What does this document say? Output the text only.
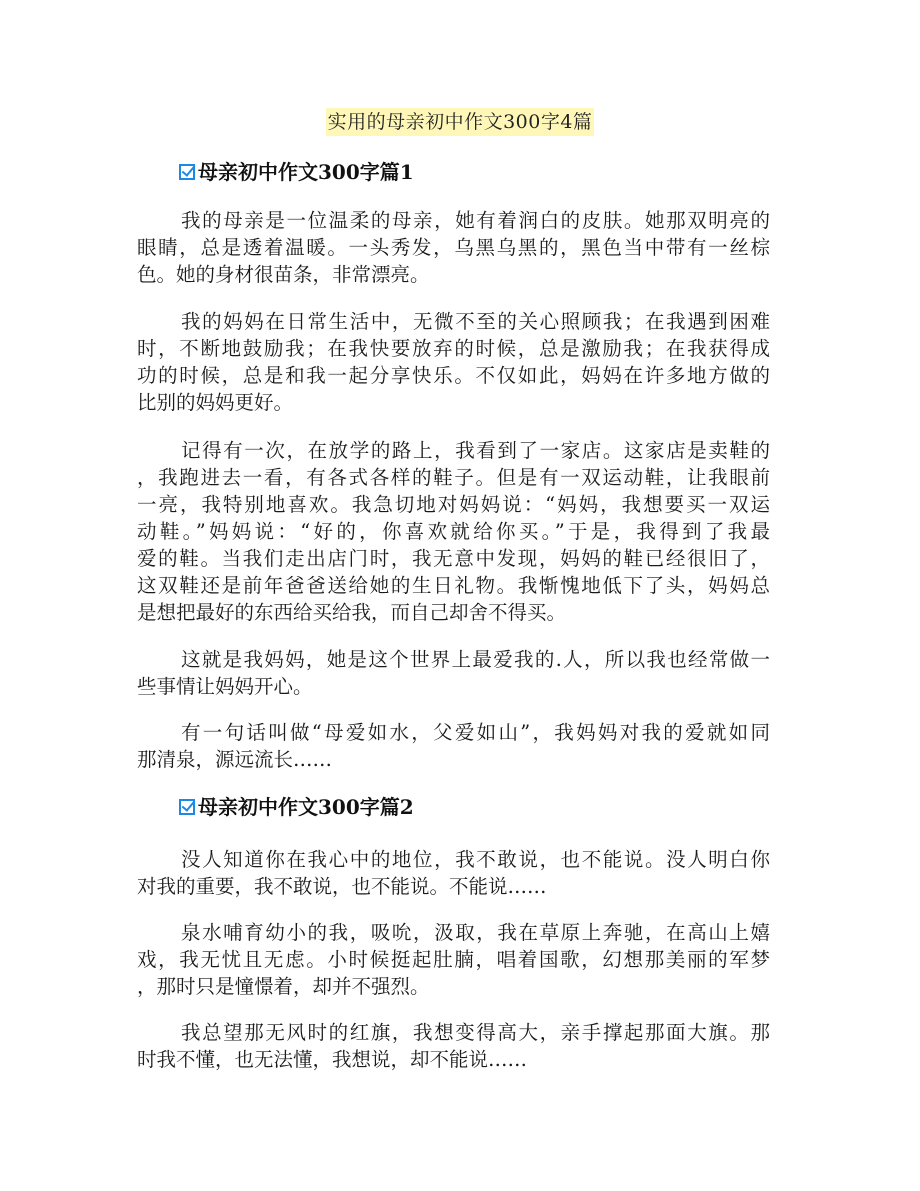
实用的母亲初中作文300字4篇
母亲初中作文300字篇1
我的母亲是一位温柔的母亲，她有着润白的皮肤。她那双明亮的
眼睛，总是透着温暖。一头秀发，乌黑乌黑的，黑色当中带有一丝棕
色。她的身材很苗条，非常漂亮。
我的妈妈在日常生活中，无微不至的关心照顾我；在我遇到困难
时，不断地鼓励我；在我快要放弃的时候，总是激励我；在我获得成
功的时候，总是和我一起分享快乐。不仅如此，妈妈在许多地方做的
比别的妈妈更好。
记得有一次，在放学的路上，我看到了一家店。这家店是卖鞋的
，我跑进去一看，有各式各样的鞋子。但是有一双运动鞋，让我眼前
一亮，我特别地喜欢。我急切地对妈妈说：“妈妈，我想要买一双运
动鞋。”妈妈说：“好的，你喜欢就给你买。”于是，我得到了我最
爱的鞋。当我们走出店门时，我无意中发现，妈妈的鞋已经很旧了，
这双鞋还是前年爸爸送给她的生日礼物。我惭愧地低下了头，妈妈总
是想把最好的东西给买给我，而自己却舍不得买。
这就是我妈妈，她是这个世界上最爱我的.人，所以我也经常做一
些事情让妈妈开心。
有一句话叫做“母爱如水，父爱如山”，我妈妈对我的爱就如同
那清泉，源远流长……
母亲初中作文300字篇2
没人知道你在我心中的地位，我不敢说，也不能说。没人明白你
对我的重要，我不敢说，也不能说。不能说……
泉水哺育幼小的我，吸吮，汲取，我在草原上奔驰，在高山上嬉
戏，我无忧且无虑。小时候挺起肚腩，唱着国歌，幻想那美丽的军梦
，那时只是憧憬着，却并不强烈。
我总望那无风时的红旗，我想变得高大，亲手撑起那面大旗。那
时我不懂，也无法懂，我想说，却不能说……
